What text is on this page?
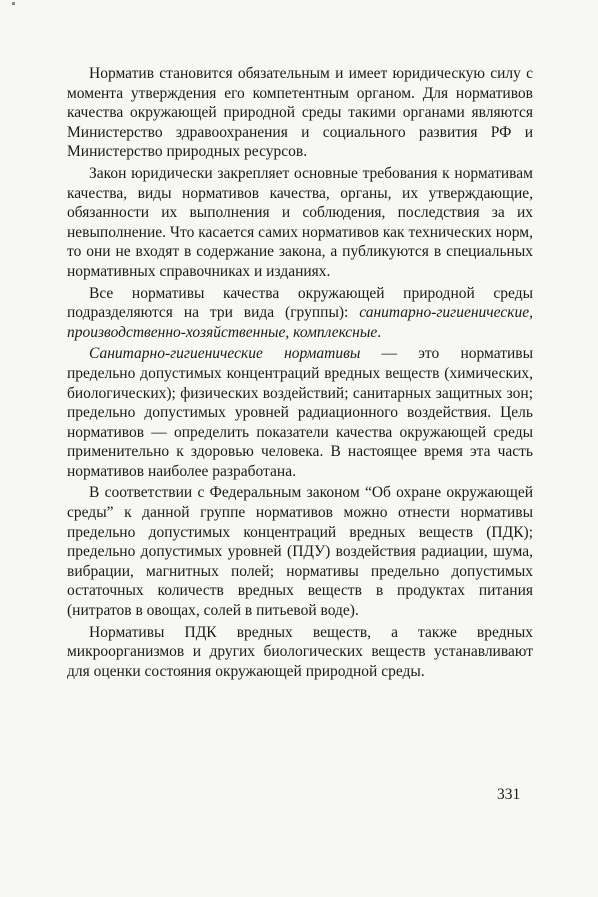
Норматив становится обязательным и имеет юридическую силу с момента утверждения его компетентным органом. Для нормативов качества окружающей природной среды такими органами являются Министерство здравоохранения и социального развития РФ и Министерство природных ресурсов.

Закон юридически закрепляет основные требования к нормативам качества, виды нормативов качества, органы, их утверждающие, обязанности их выполнения и соблюдения, последствия за их невыполнение. Что касается самих нормативов как технических норм, то они не входят в содержание закона, а публикуются в специальных нормативных справочниках и изданиях.

Все нормативы качества окружающей природной среды подразделяются на три вида (группы): санитарно-гигиенические, производственно-хозяйственные, комплексные.

Санитарно-гигиенические нормативы — это нормативы предельно допустимых концентраций вредных веществ (химических, биологических); физических воздействий; санитарных защитных зон; предельно допустимых уровней радиационного воздействия. Цель нормативов — определить показатели качества окружающей среды применительно к здоровью человека. В настоящее время эта часть нормативов наиболее разработана.

В соответствии с Федеральным законом “Об охране окружающей среды” к данной группе нормативов можно отнести нормативы предельно допустимых концентраций вредных веществ (ПДК); предельно допустимых уровней (ПДУ) воздействия радиации, шума, вибрации, магнитных полей; нормативы предельно допустимых остаточных количеств вредных веществ в продуктах питания (нитратов в овощах, солей в питьевой воде).

Нормативы ПДК вредных веществ, а также вредных микроорганизмов и других биологических веществ устанавливают для оценки состояния окружающей природной среды.

331
